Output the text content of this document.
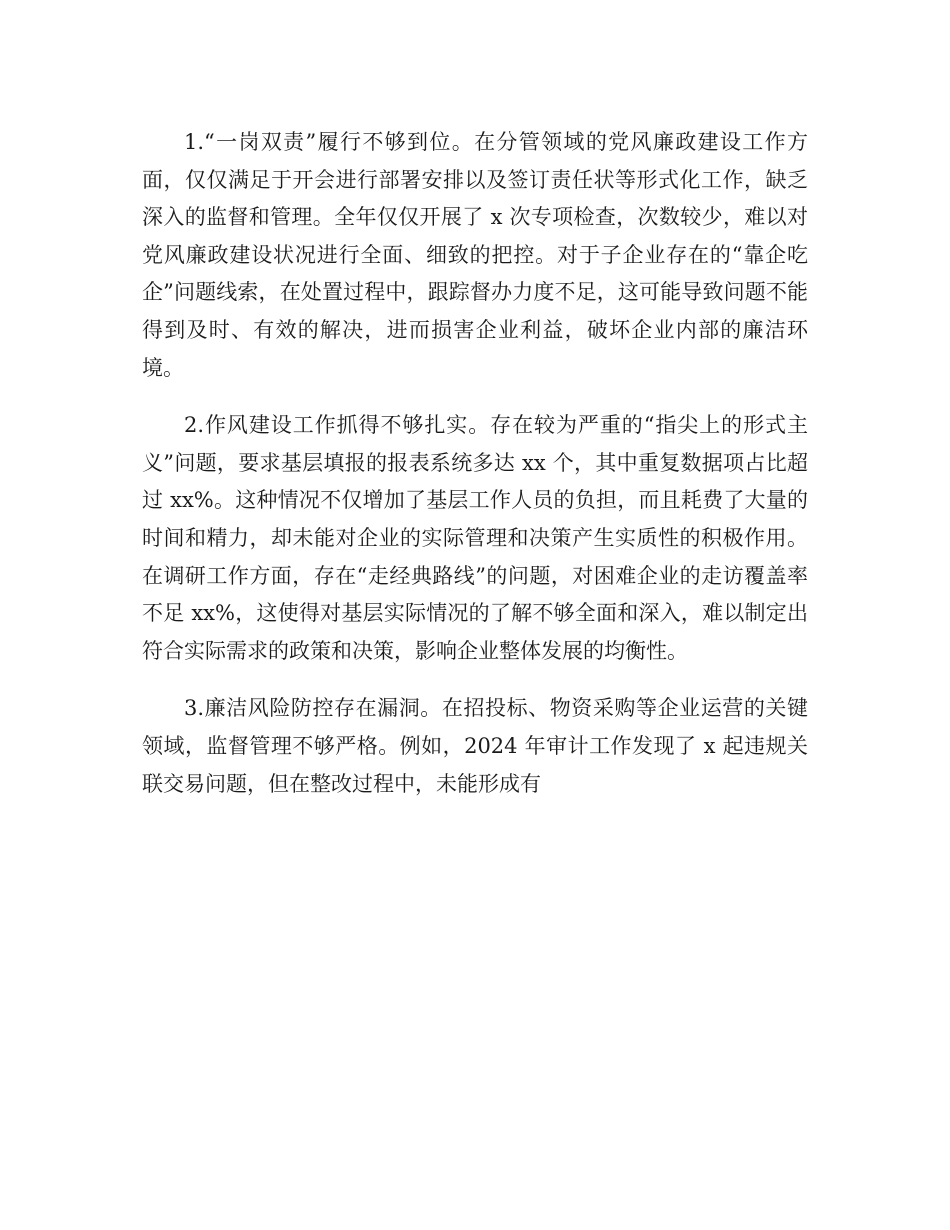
1.“一岗双责”履行不够到位。在分管领域的党风廉政建设工作方面，仅仅满足于开会进行部署安排以及签订责任状等形式化工作，缺乏深入的监督和管理。全年仅仅开展了 x 次专项检查，次数较少，难以对党风廉政建设状况进行全面、细致的把控。对于子企业存在的“靠企吃企”问题线索，在处置过程中，跟踪督办力度不足，这可能导致问题不能得到及时、有效的解决，进而损害企业利益，破坏企业内部的廉洁环境。

2.作风建设工作抓得不够扎实。存在较为严重的“指尖上的形式主义”问题，要求基层填报的报表系统多达 xx 个，其中重复数据项占比超过 xx%。这种情况不仅增加了基层工作人员的负担，而且耗费了大量的时间和精力，却未能对企业的实际管理和决策产生实质性的积极作用。在调研工作方面，存在“走经典路线”的问题，对困难企业的走访覆盖率不足 xx%，这使得对基层实际情况的了解不够全面和深入，难以制定出符合实际需求的政策和决策，影响企业整体发展的均衡性。

3.廉洁风险防控存在漏洞。在招投标、物资采购等企业运营的关键领域，监督管理不够严格。例如，2024 年审计工作发现了 x 起违规关联交易问题，但在整改过程中，未能形成有
